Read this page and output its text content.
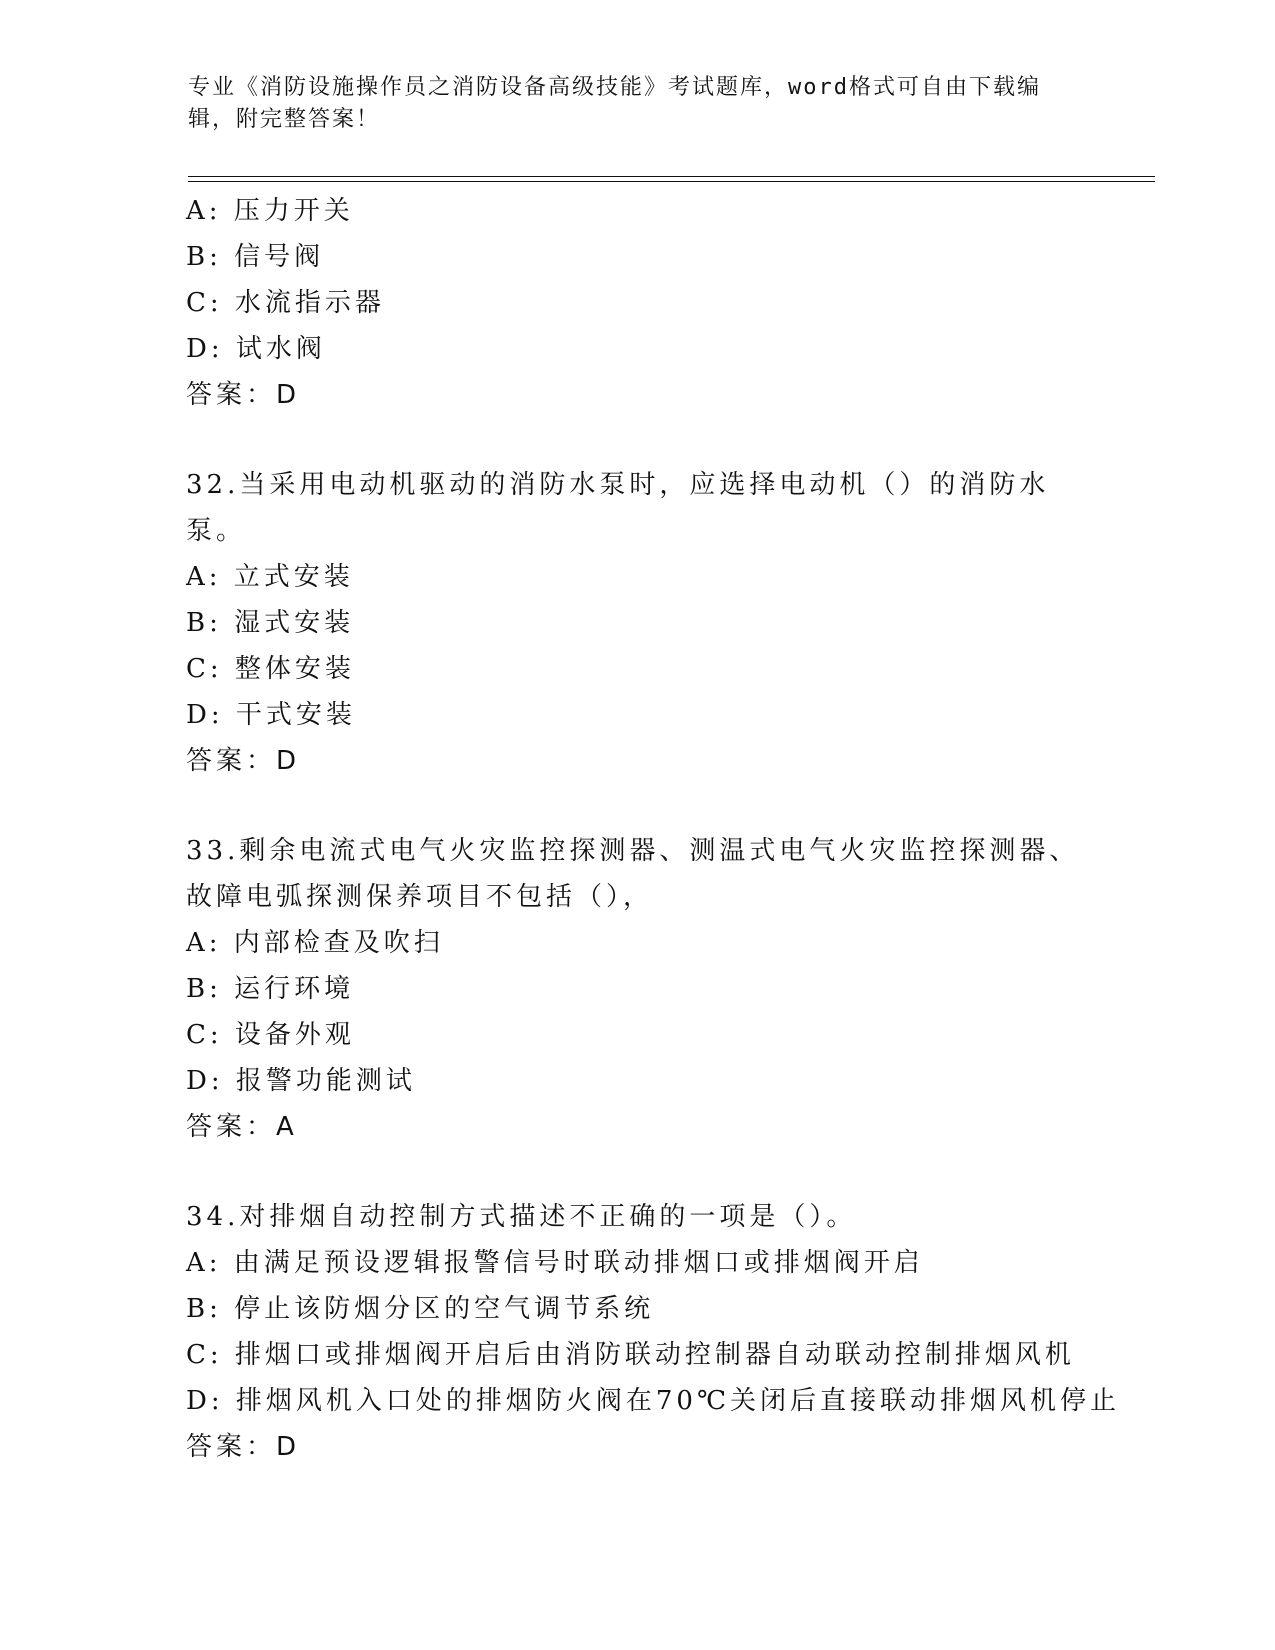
专业《消防设施操作员之消防设备高级技能》考试题库，word格式可自由下载编辑，附完整答案！
A: 压力开关
B: 信号阀
C: 水流指示器
D: 试水阀
答案：D
32.当采用电动机驱动的消防水泵时，应选择电动机（）的消防水泵。
A: 立式安装
B: 湿式安装
C: 整体安装
D: 干式安装
答案：D
33.剩余电流式电气火灾监控探测器、测温式电气火灾监控探测器、故障电弧探测保养项目不包括（），
A: 内部检查及吹扫
B: 运行环境
C: 设备外观
D: 报警功能测试
答案：A
34.对排烟自动控制方式描述不正确的一项是（）。
A: 由满足预设逻辑报警信号时联动排烟口或排烟阀开启
B: 停止该防烟分区的空气调节系统
C: 排烟口或排烟阀开启后由消防联动控制器自动联动控制排烟风机
D: 排烟风机入口处的排烟防火阀在70℃关闭后直接联动排烟风机停止
答案：D
